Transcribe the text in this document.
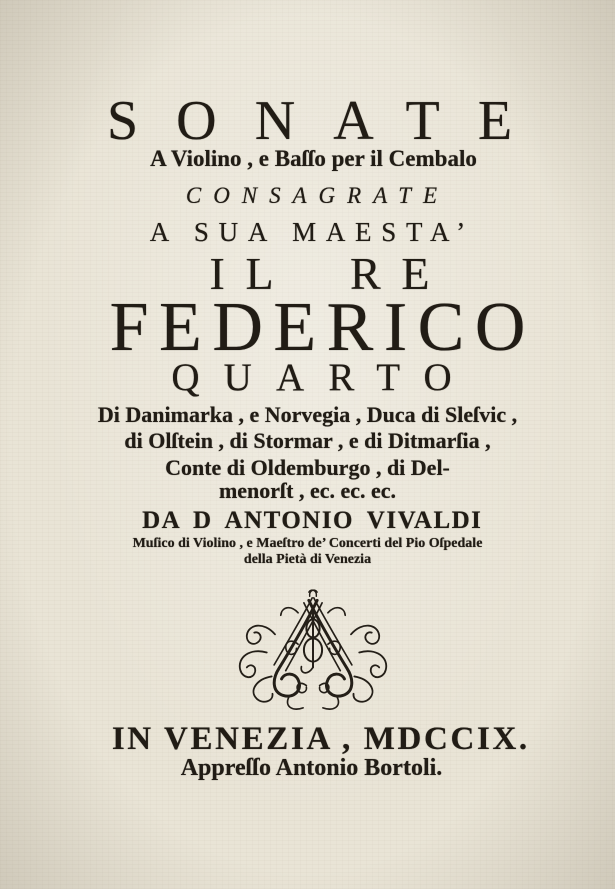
SONATE
A Violino , e Baſſo per il Cembalo
CONSAGRATE
A SUA MAESTA’
IL RE
FEDERICO
QUARTO
Di Danimarka , e Norvegia , Duca di Sleſvic ,
di Olſtein , di Stormar , e di Ditmarſia ,
Conte di Oldemburgo , di Del-
menorſt , ec. ec. ec.
DA D ANTONIO VIVALDI
Muſico di Violino , e Maeſtro de’ Concerti del Pio Oſpedale
della Pietà di Venezia
IN VENEZIA , MDCCIX.
Appreſſo Antonio Bortoli.
